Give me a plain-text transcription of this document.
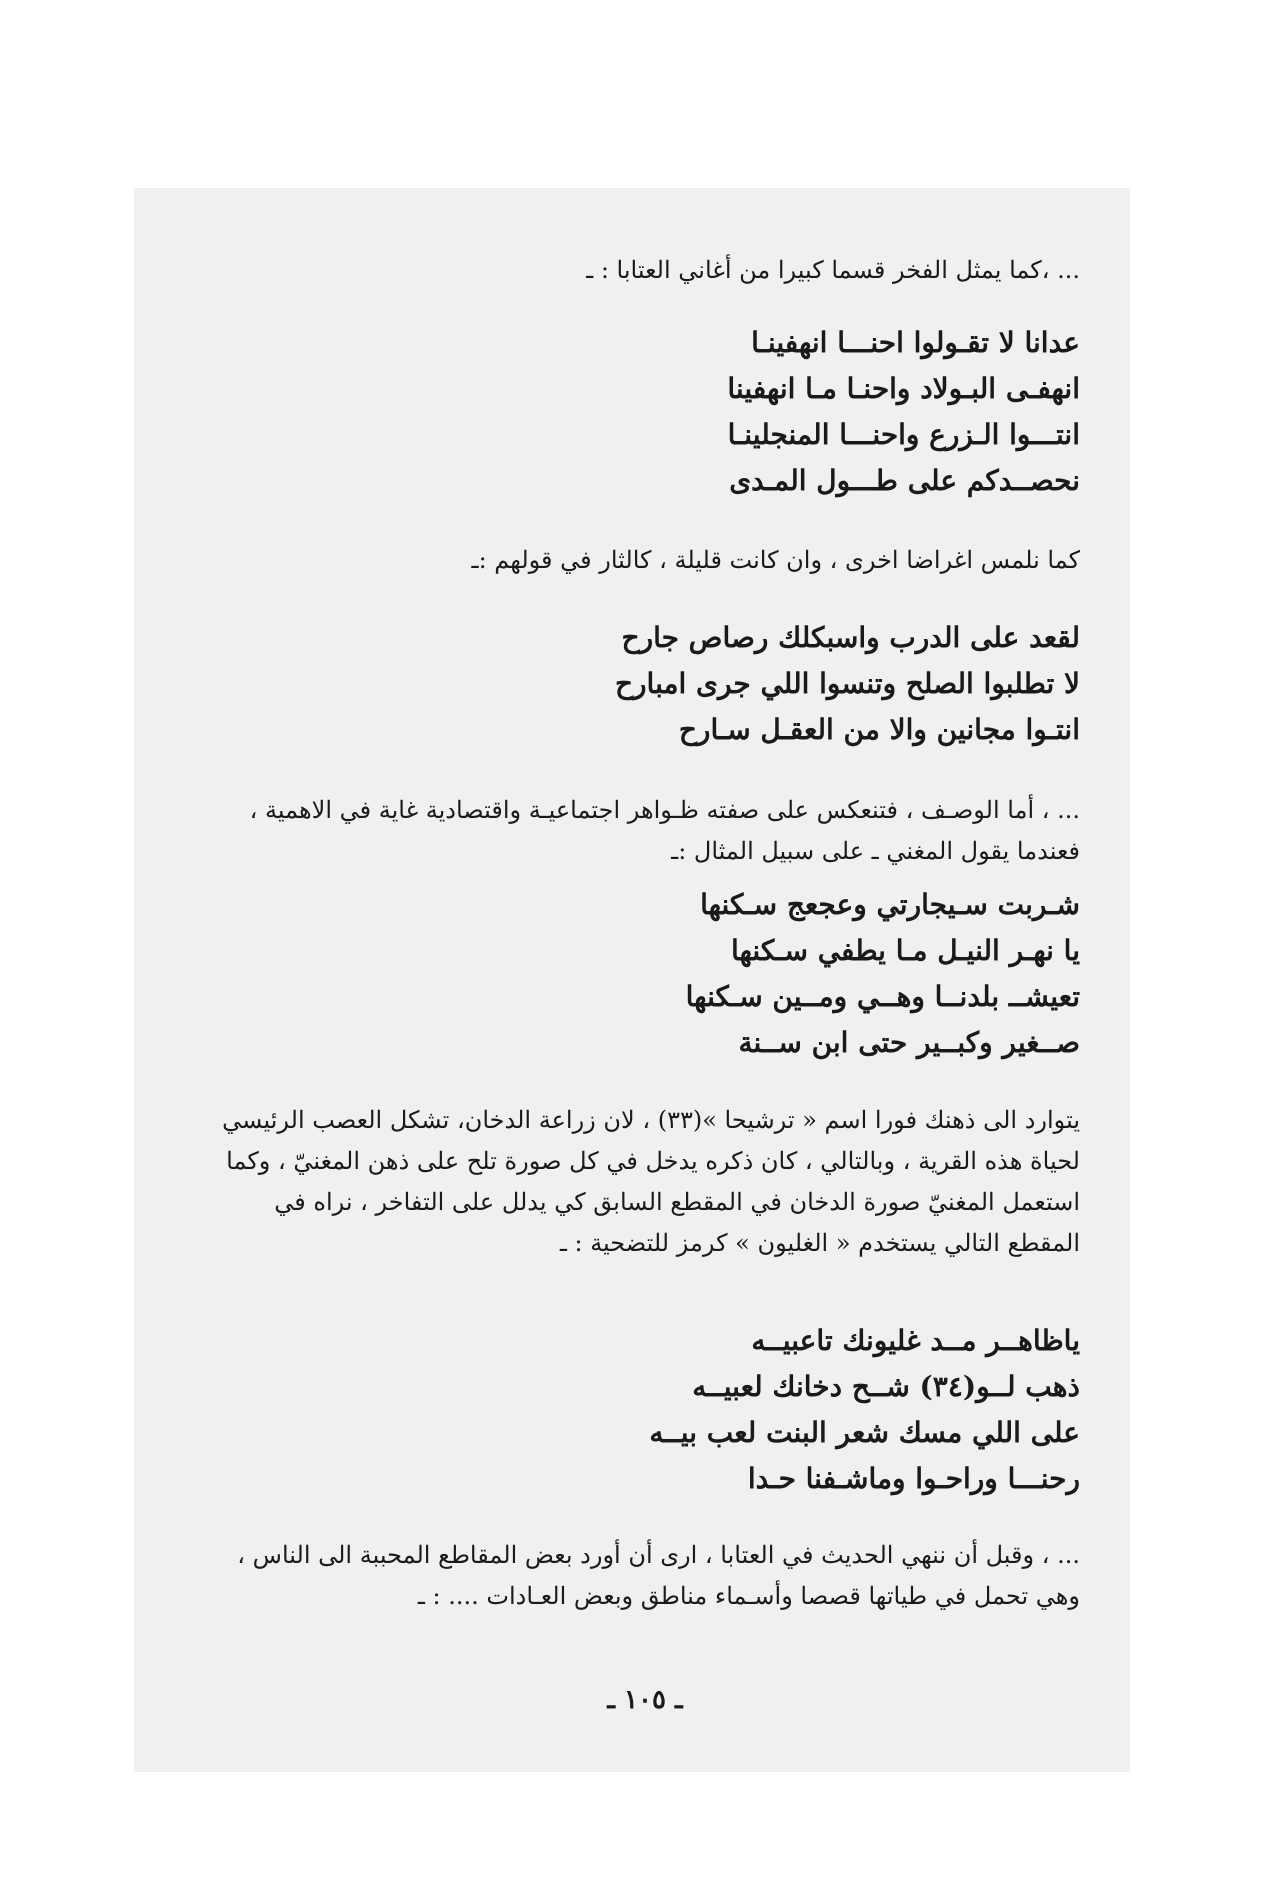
... ،كما يمثل الفخر قسما كبيرا من أغاني العتابا : ـ

عدانا لا تقـولوا احنـــا انهفينـا
انهفـى البـولاد واحنـا مـا انهفينا
انتـــوا الـزرع واحنـــا المنجلينـا
نحصــدكم على طـــول المـدى

كما نلمس اغراضا اخرى ، وان كانت قليلة ، كالثار في قولهم :ـ

لقعد على الدرب واسبكلك رصاص جارح
لا تطلبوا الصلح وتنسوا اللي جرى امبارح
انتـوا مجانين والا من العقـل سـارح

... ، أما الوصـف ، فتنعكس على صفته ظـواهر اجتماعيـة واقتصادية غاية في الاهمية ، فعندما يقول المغني ـ على سبيل المثال :ـ

شـربت سـيجارتي وعجعج سـكنها
يا نهـر النيـل مـا يطفي سـكنها
تعيشــ بلدنــا وهــي ومــين سـكنها
صــغير وكبــير حتى ابن ســنة

يتوارد الى ذهنك فورا اسم « ترشيحا »(٣٣) ، لان زراعة الدخان، تشكل العصب الرئيسي لحياة هذه القرية ، وبالتالي ، كان ذكره يدخل في كل صورة تلح على ذهن المغنيّ ، وكما استعمل المغنيّ صورة الدخان في المقطع السابق كي يدلل على التفاخر ، نراه في المقطع التالي يستخدم « الغليون » كرمز للتضحية : ـ

ياظاهــر مــد غليونك تاعبيــه
ذهب لــو(٣٤) شــح دخانك لعبيــه
على اللي مسك شعر البنت لعب بيــه
رحنـــا وراحـوا وماشـفنا حـدا

... ، وقبل أن ننهي الحديث في العتابا ، ارى أن أورد بعض المقاطع المحببة الى الناس ، وهي تحمل في طياتها قصصا وأسـماء مناطق وبعض العـادات .... : ـ

ـ ١٠٥ ـ
